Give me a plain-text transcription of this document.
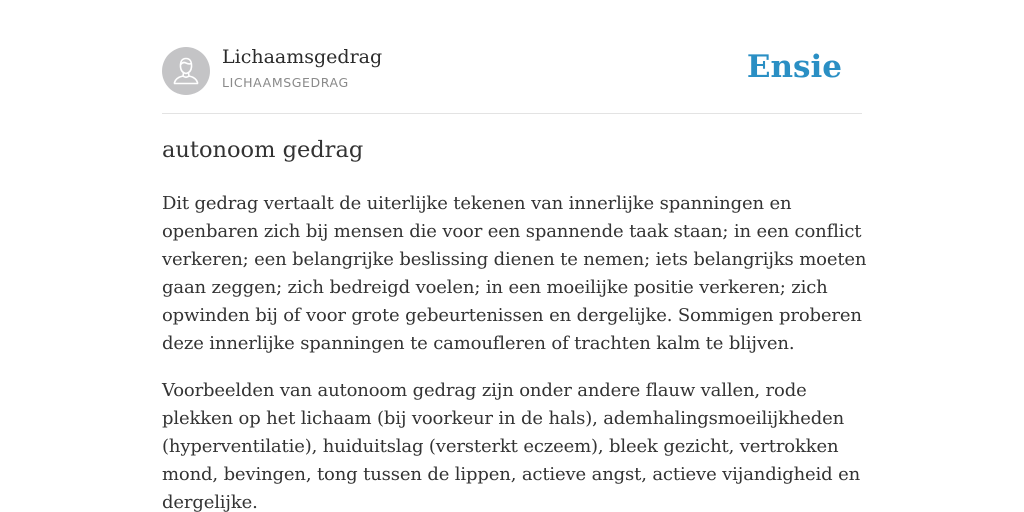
Lichaamsgedrag
LICHAAMSGEDRAG	Ensie
autonoom gedrag

Dit gedrag vertaalt de uiterlijke tekenen van innerlijke spanningen en openbaren zich bij mensen die voor een spannende taak staan; in een conflict verkeren; een belangrijke beslissing dienen te nemen; iets belangrijks moeten gaan zeggen; zich bedreigd voelen; in een moeilijke positie verkeren; zich opwinden bij of voor grote gebeurtenissen en dergelijke. Sommigen proberen deze innerlijke spanningen te camoufleren of trachten kalm te blijven.

Voorbeelden van autonoom gedrag zijn onder andere flauw vallen, rode plekken op het lichaam (bij voorkeur in de hals), ademhalingsmoeilijkheden (hyperventilatie), huiduitslag (versterkt eczeem), bleek gezicht, vertrokken mond, bevingen, tong tussen de lippen, actieve angst, actieve vijandigheid en dergelijke.
